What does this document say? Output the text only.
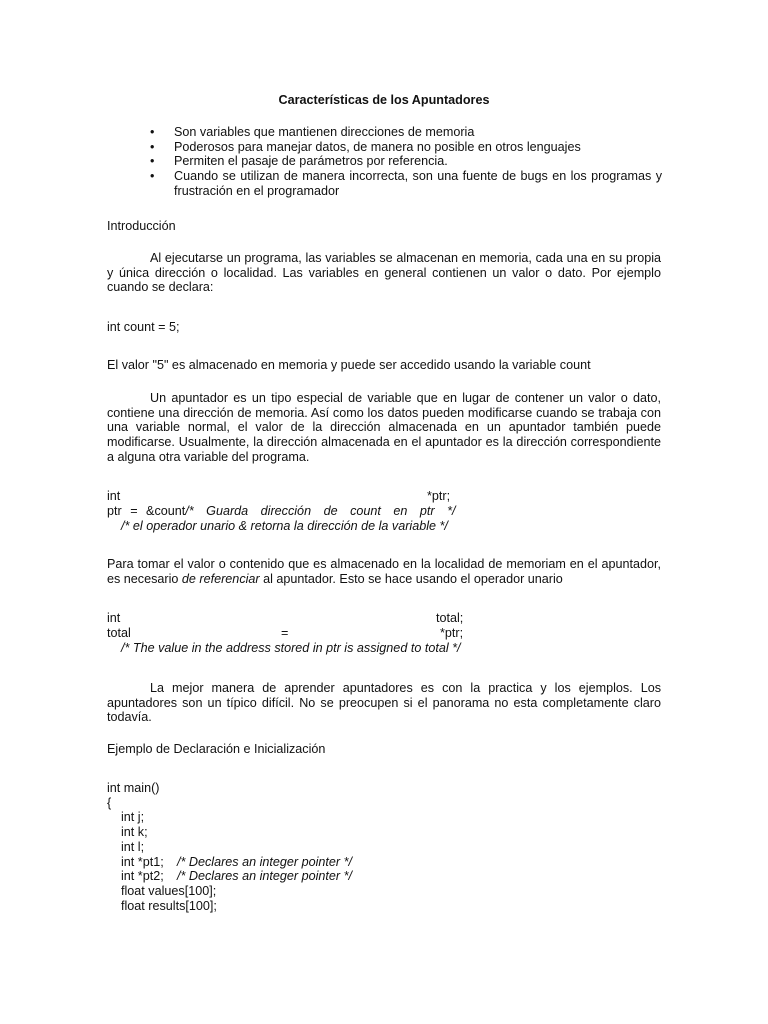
Características de los Apuntadores
• Son variables que mantienen direcciones de memoria
• Poderosos para manejar datos, de manera no posible en otros lenguajes
• Permiten el pasaje de parámetros por referencia.
• Cuando se utilizan de manera incorrecta, son una fuente de bugs en los programas y frustración en el programador
Introducción

Al ejecutarse un programa, las variables se almacenan en memoria, cada una en su propia y única dirección o localidad. Las variables en general contienen un valor o dato. Por ejemplo cuando se declara:

int count = 5;
El valor "5" es almacenado en memoria y puede ser accedido usando la variable count

Un apuntador es un tipo especial de variable que en lugar de contener un valor o dato, contiene una dirección de memoria. Así como los datos pueden modificarse cuando se trabaja con una variable normal, el valor de la dirección almacenada en un apuntador también puede modificarse. Usualmente, la dirección almacenada en el apuntador es la dirección correspondiente a alguna otra variable del programa.

int	*ptr;
ptr = &count /* Guarda dirección de count en ptr */
/* el operador unario & retorna la dirección de la variable */

Para tomar el valor o contenido que es almacenado en la localidad de memoriam en el apuntador, es necesario de referenciar al apuntador. Esto se hace usando el operador unario

int	total;
total	=	*ptr;
/* The value in the address stored in ptr is assigned to total */

La mejor manera de aprender apuntadores es con la practica y los ejemplos. Los apuntadores son un típico difícil. No se preocupen si el panorama no esta completamente claro todavía.

Ejemplo de Declaración e Inicialización
int main()
{
int j;
int k;
int l;
int *pt1; /* Declares an integer pointer */
int *pt2; /* Declares an integer pointer */
float values[100];
float results[100];
